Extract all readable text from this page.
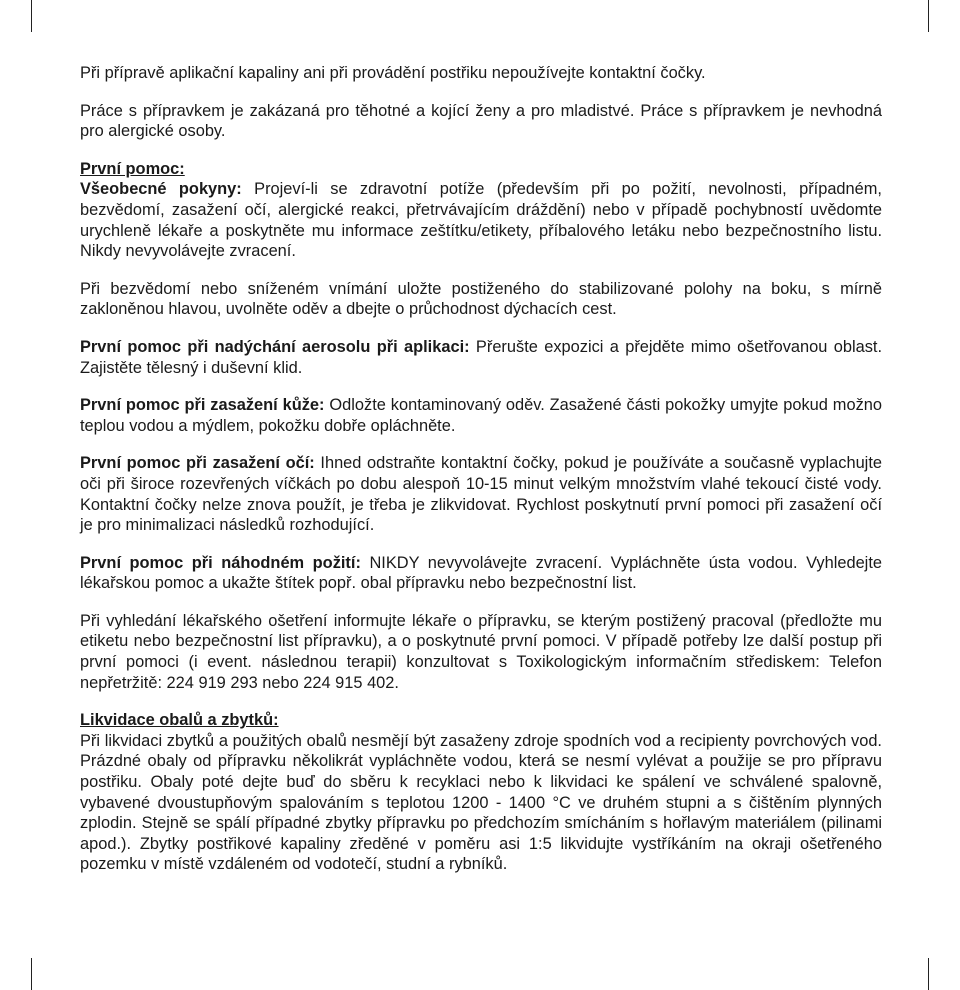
Při přípravě aplikační kapaliny ani při provádění postřiku nepoužívejte kontaktní čočky.

Práce s přípravkem je zakázaná pro těhotné a kojící ženy a pro mladistvé. Práce s přípravkem je nevhodná pro alergické osoby.

První pomoc:
Všeobecné pokyny: Projeví-li se zdravotní potíže (především při po požití, nevolnosti, případném, bezvědomí, zasažení očí, alergické reakci, přetrvávajícím dráždění) nebo v případě pochybností uvědomte urychleně lékaře a poskytněte mu informace zeštítku/etikety, příbalového letáku nebo bezpečnostního listu. Nikdy nevyvolávejte zvracení.

Při bezvědomí nebo sníženém vnímání uložte postiženého do stabilizované polohy na boku, s mírně zakloněnou hlavou, uvolněte oděv a dbejte o průchodnost dýchacích cest.

První pomoc při nadýchání aerosolu při aplikaci: Přerušte expozici a přejděte mimo ošetřovanou oblast. Zajistěte tělesný i duševní klid.

První pomoc při zasažení kůže: Odložte kontaminovaný oděv. Zasažené části pokožky umyjte pokud možno teplou vodou a mýdlem, pokožku dobře opláchněte.

První pomoc při zasažení očí: Ihned odstraňte kontaktní čočky, pokud je používáte a současně vyplachujte oči při široce rozevřených víčkách po dobu alespoň 10-15 minut velkým množstvím vlahé tekoucí čisté vody. Kontaktní čočky nelze znova použít, je třeba je zlikvidovat. Rychlost poskytnutí první pomoci při zasažení očí je pro minimalizaci následků rozhodující.

První pomoc při náhodném požití: NIKDY nevyvolávejte zvracení. Vypláchněte ústa vodou. Vyhledejte lékařskou pomoc a ukažte štítek popř. obal přípravku nebo bezpečnostní list.

Při vyhledání lékařského ošetření informujte lékaře o přípravku, se kterým postižený pracoval (předložte mu etiketu nebo bezpečnostní list přípravku), a o poskytnuté první pomoci. V případě potřeby lze další postup při první pomoci (i event. následnou terapii) konzultovat s Toxikologickým informačním střediskem: Telefon nepřetržitě: 224 919 293 nebo 224 915 402.

Likvidace obalů a zbytků:
Při likvidaci zbytků a použitých obalů nesmějí být zasaženy zdroje spodních vod a recipienty povrchových vod. Prázdné obaly od přípravku několikrát vypláchněte vodou, která se nesmí vylévat a použije se pro přípravu postřiku. Obaly poté dejte buď do sběru k recyklaci nebo k likvidaci ke spálení ve schválené spalovně, vybavené dvoustupňovým spalováním s teplotou 1200 - 1400 °C ve druhém stupni a s čištěním plynných zplodin. Stejně se spálí případné zbytky přípravku po předchozím smícháním s hořlavým materiálem (pilinami apod.). Zbytky postřikové kapaliny zředěné v poměru asi 1:5 likvidujte vystříkáním na okraji ošetřeného pozemku v místě vzdáleném od vodotečí, studní a rybníků.
